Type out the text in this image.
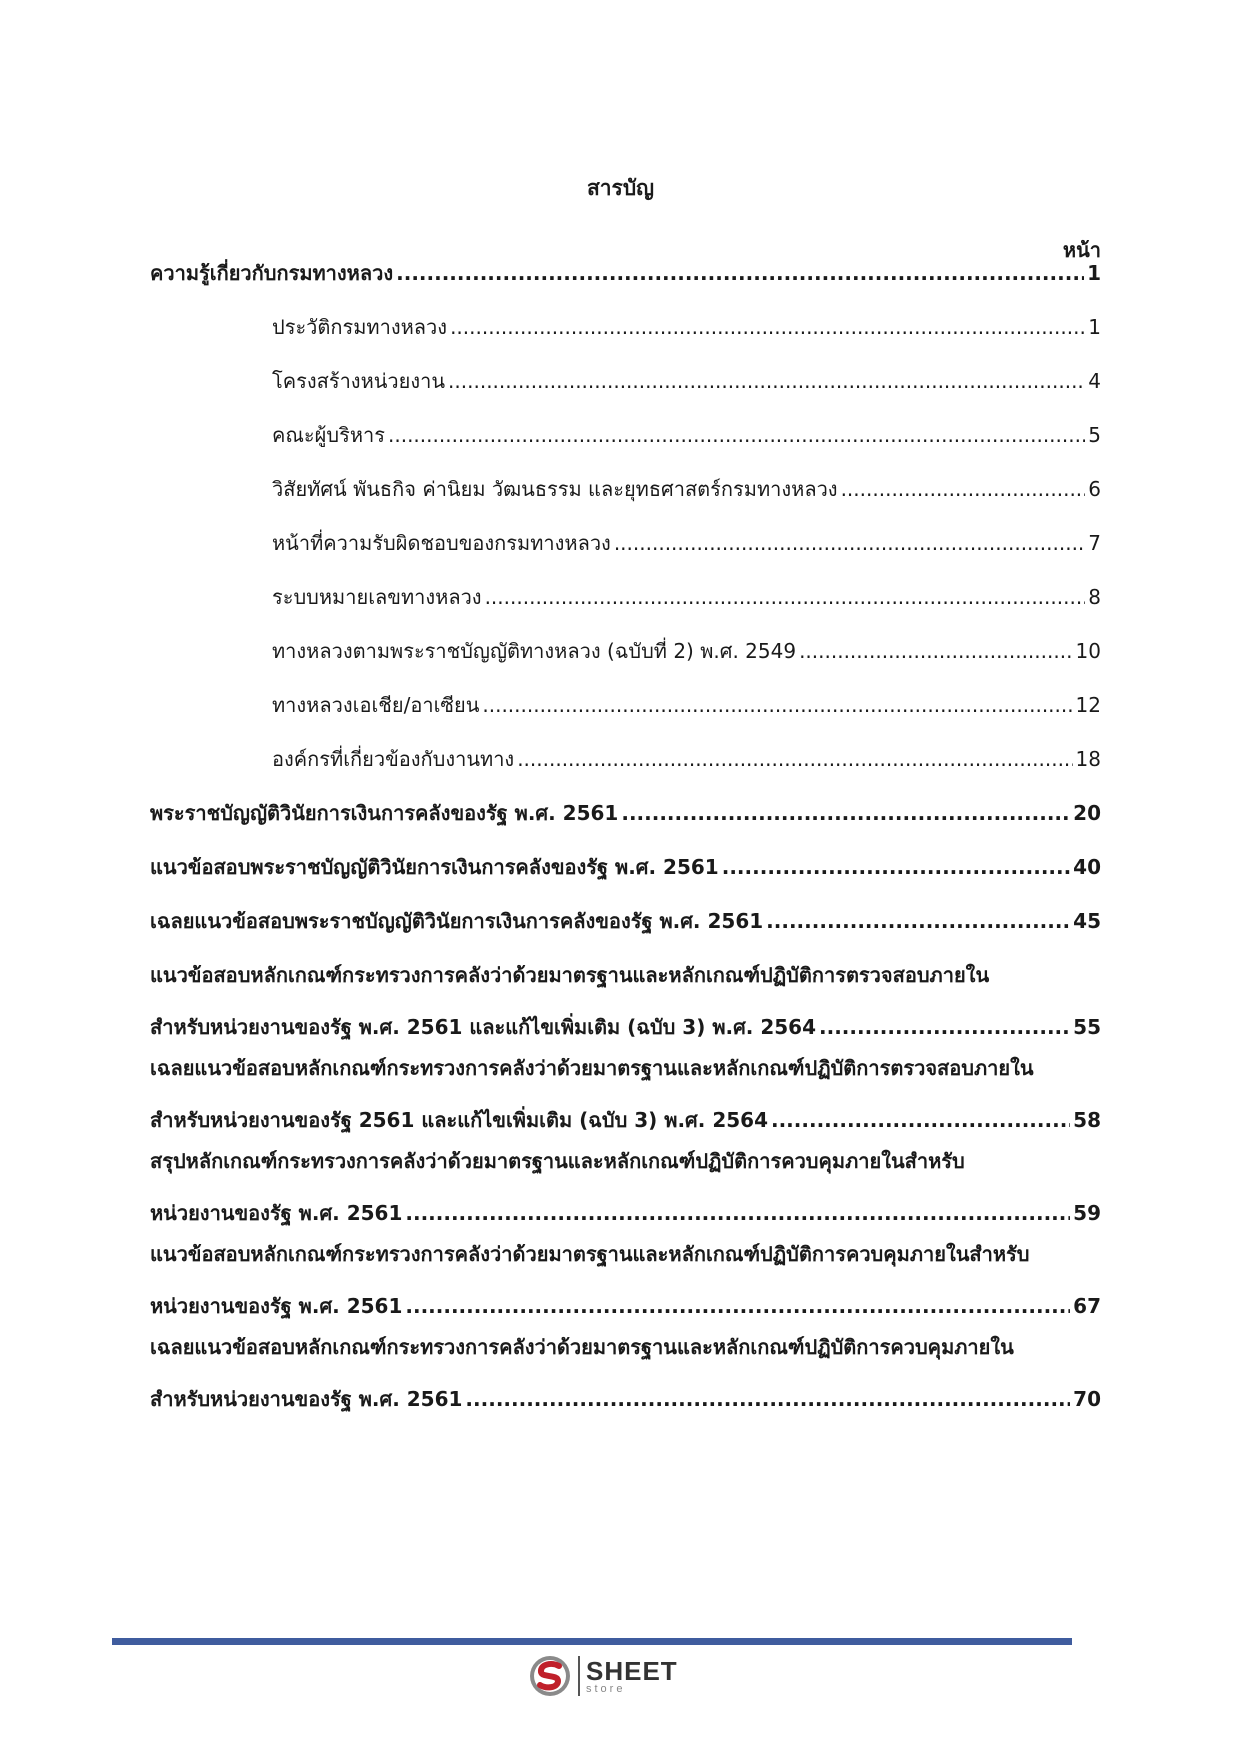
สารบัญ
หน้า
ความรู้เกี่ยวกับกรมทางหลวง .....	1
ประวัติกรมทางหลวง .....	1
โครงสร้างหน่วยงาน .....	4
คณะผู้บริหาร .....	5
วิสัยทัศน์ พันธกิจ ค่านิยม วัฒนธรรม และยุทธศาสตร์กรมทางหลวง .....	6
หน้าที่ความรับผิดชอบของกรมทางหลวง .....	7
ระบบหมายเลขทางหลวง .....	8
ทางหลวงตามพระราชบัญญัติทางหลวง (ฉบับที่ 2) พ.ศ. 2549 .....	10
ทางหลวงเอเชีย/อาเซียน .....	12
องค์กรที่เกี่ยวข้องกับงานทาง .....	18
พระราชบัญญัติวินัยการเงินการคลังของรัฐ พ.ศ. 2561 .....	20
แนวข้อสอบพระราชบัญญัติวินัยการเงินการคลังของรัฐ พ.ศ. 2561 .....	40
เฉลยแนวข้อสอบพระราชบัญญัติวินัยการเงินการคลังของรัฐ พ.ศ. 2561 .....	45
แนวข้อสอบหลักเกณฑ์กระทรวงการคลังว่าด้วยมาตรฐานและหลักเกณฑ์ปฏิบัติการตรวจสอบภายใน
สำหรับหน่วยงานของรัฐ พ.ศ. 2561 และแก้ไขเพิ่มเติม (ฉบับ 3) พ.ศ. 2564 .....	55
เฉลยแนวข้อสอบหลักเกณฑ์กระทรวงการคลังว่าด้วยมาตรฐานและหลักเกณฑ์ปฏิบัติการตรวจสอบภายใน
สำหรับหน่วยงานของรัฐ 2561 และแก้ไขเพิ่มเติม (ฉบับ 3) พ.ศ. 2564 .....	58
สรุปหลักเกณฑ์กระทรวงการคลังว่าด้วยมาตรฐานและหลักเกณฑ์ปฏิบัติการควบคุมภายในสำหรับ
หน่วยงานของรัฐ พ.ศ. 2561 .....	59
แนวข้อสอบหลักเกณฑ์กระทรวงการคลังว่าด้วยมาตรฐานและหลักเกณฑ์ปฏิบัติการควบคุมภายในสำหรับ
หน่วยงานของรัฐ พ.ศ. 2561 .....	67
เฉลยแนวข้อสอบหลักเกณฑ์กระทรวงการคลังว่าด้วยมาตรฐานและหลักเกณฑ์ปฏิบัติการควบคุมภายใน
สำหรับหน่วยงานของรัฐ พ.ศ. 2561 .....	70
SHEET
store
